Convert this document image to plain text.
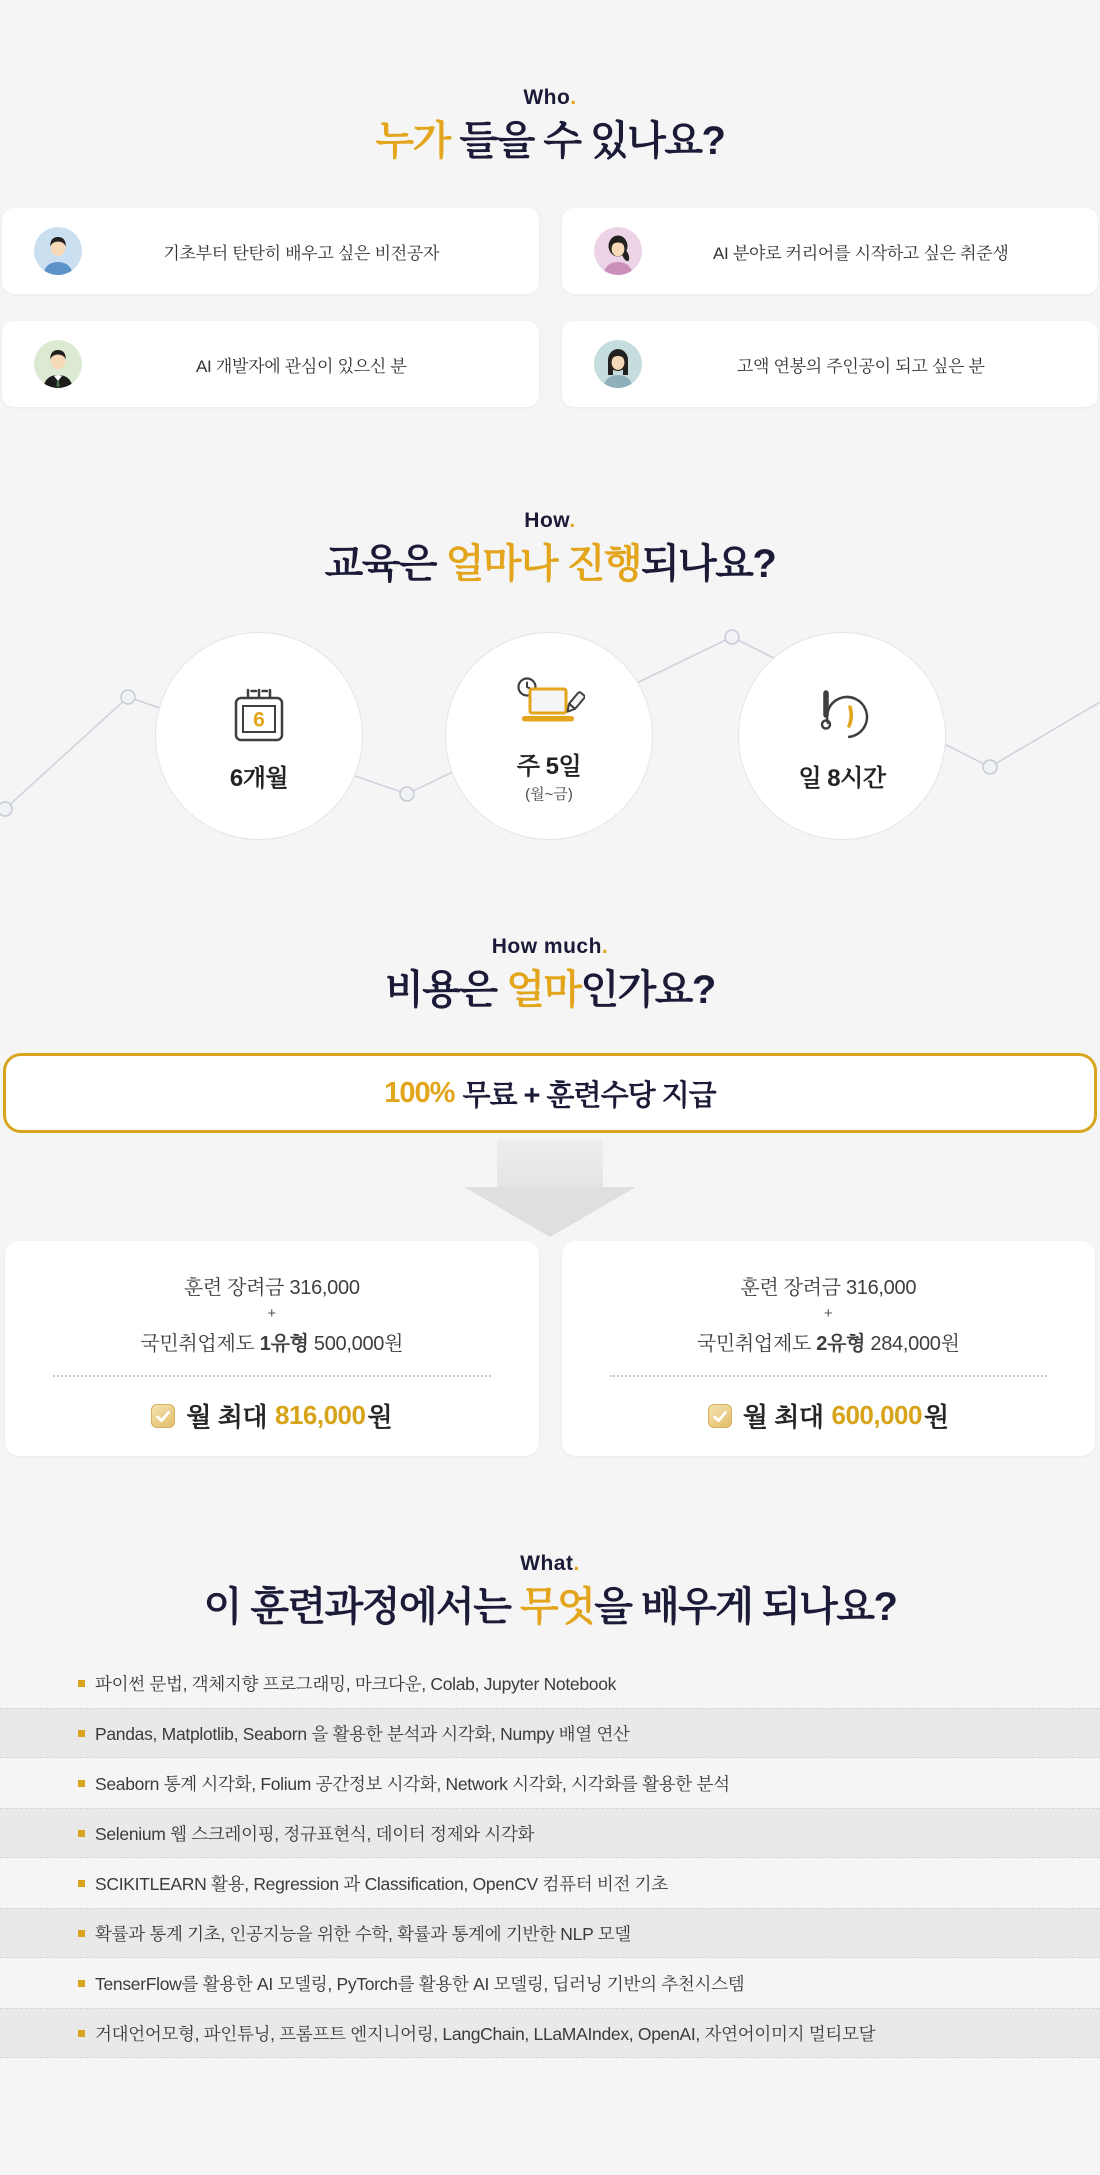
Who.
누가 들을 수 있나요?
기초부터 탄탄히 배우고 싶은 비전공자	AI 분야로 커리어를 시작하고 싶은 취준생
AI 개발자에 관심이 있으신 분	고액 연봉의 주인공이 되고 싶은 분
How.
교육은 얼마나 진행되나요?
6
6개월	주 5일
(월~금)
일 8시간
How much.
비용은 얼마인가요?
100% 무료 + 훈련수당 지급
훈련 장려금 316,000
+
국민취업제도 1유형 500,000원
월 최대 816,000 원
훈련 장려금 316,000
+
국민취업제도 2유형 284,000원
월 최대 600,000 원
What.
이 훈련과정에서는 무엇을 배우게 되나요?
파이썬 문법, 객체지향 프로그래밍, 마크다운, Colab, Jupyter Notebook
Pandas, Matplotlib, Seaborn 을 활용한 분석과 시각화, Numpy 배열 연산
Seaborn 통계 시각화, Folium 공간정보 시각화, Network 시각화, 시각화를 활용한 분석
Selenium 웹 스크레이핑, 정규표현식, 데이터 정제와 시각화
SCIKITLEARN 활용, Regression 과 Classification, OpenCV 컴퓨터 비전 기초
확률과 통계 기초, 인공지능을 위한 수학, 확률과 통계에 기반한 NLP 모델
TenserFlow를 활용한 AI 모델링, PyTorch를 활용한 AI 모델링, 딥러닝 기반의 추천시스템
거대언어모형, 파인튜닝, 프롬프트 엔지니어링, LangChain, LLaMAIndex, OpenAI, 자연어이미지 멀티모달
